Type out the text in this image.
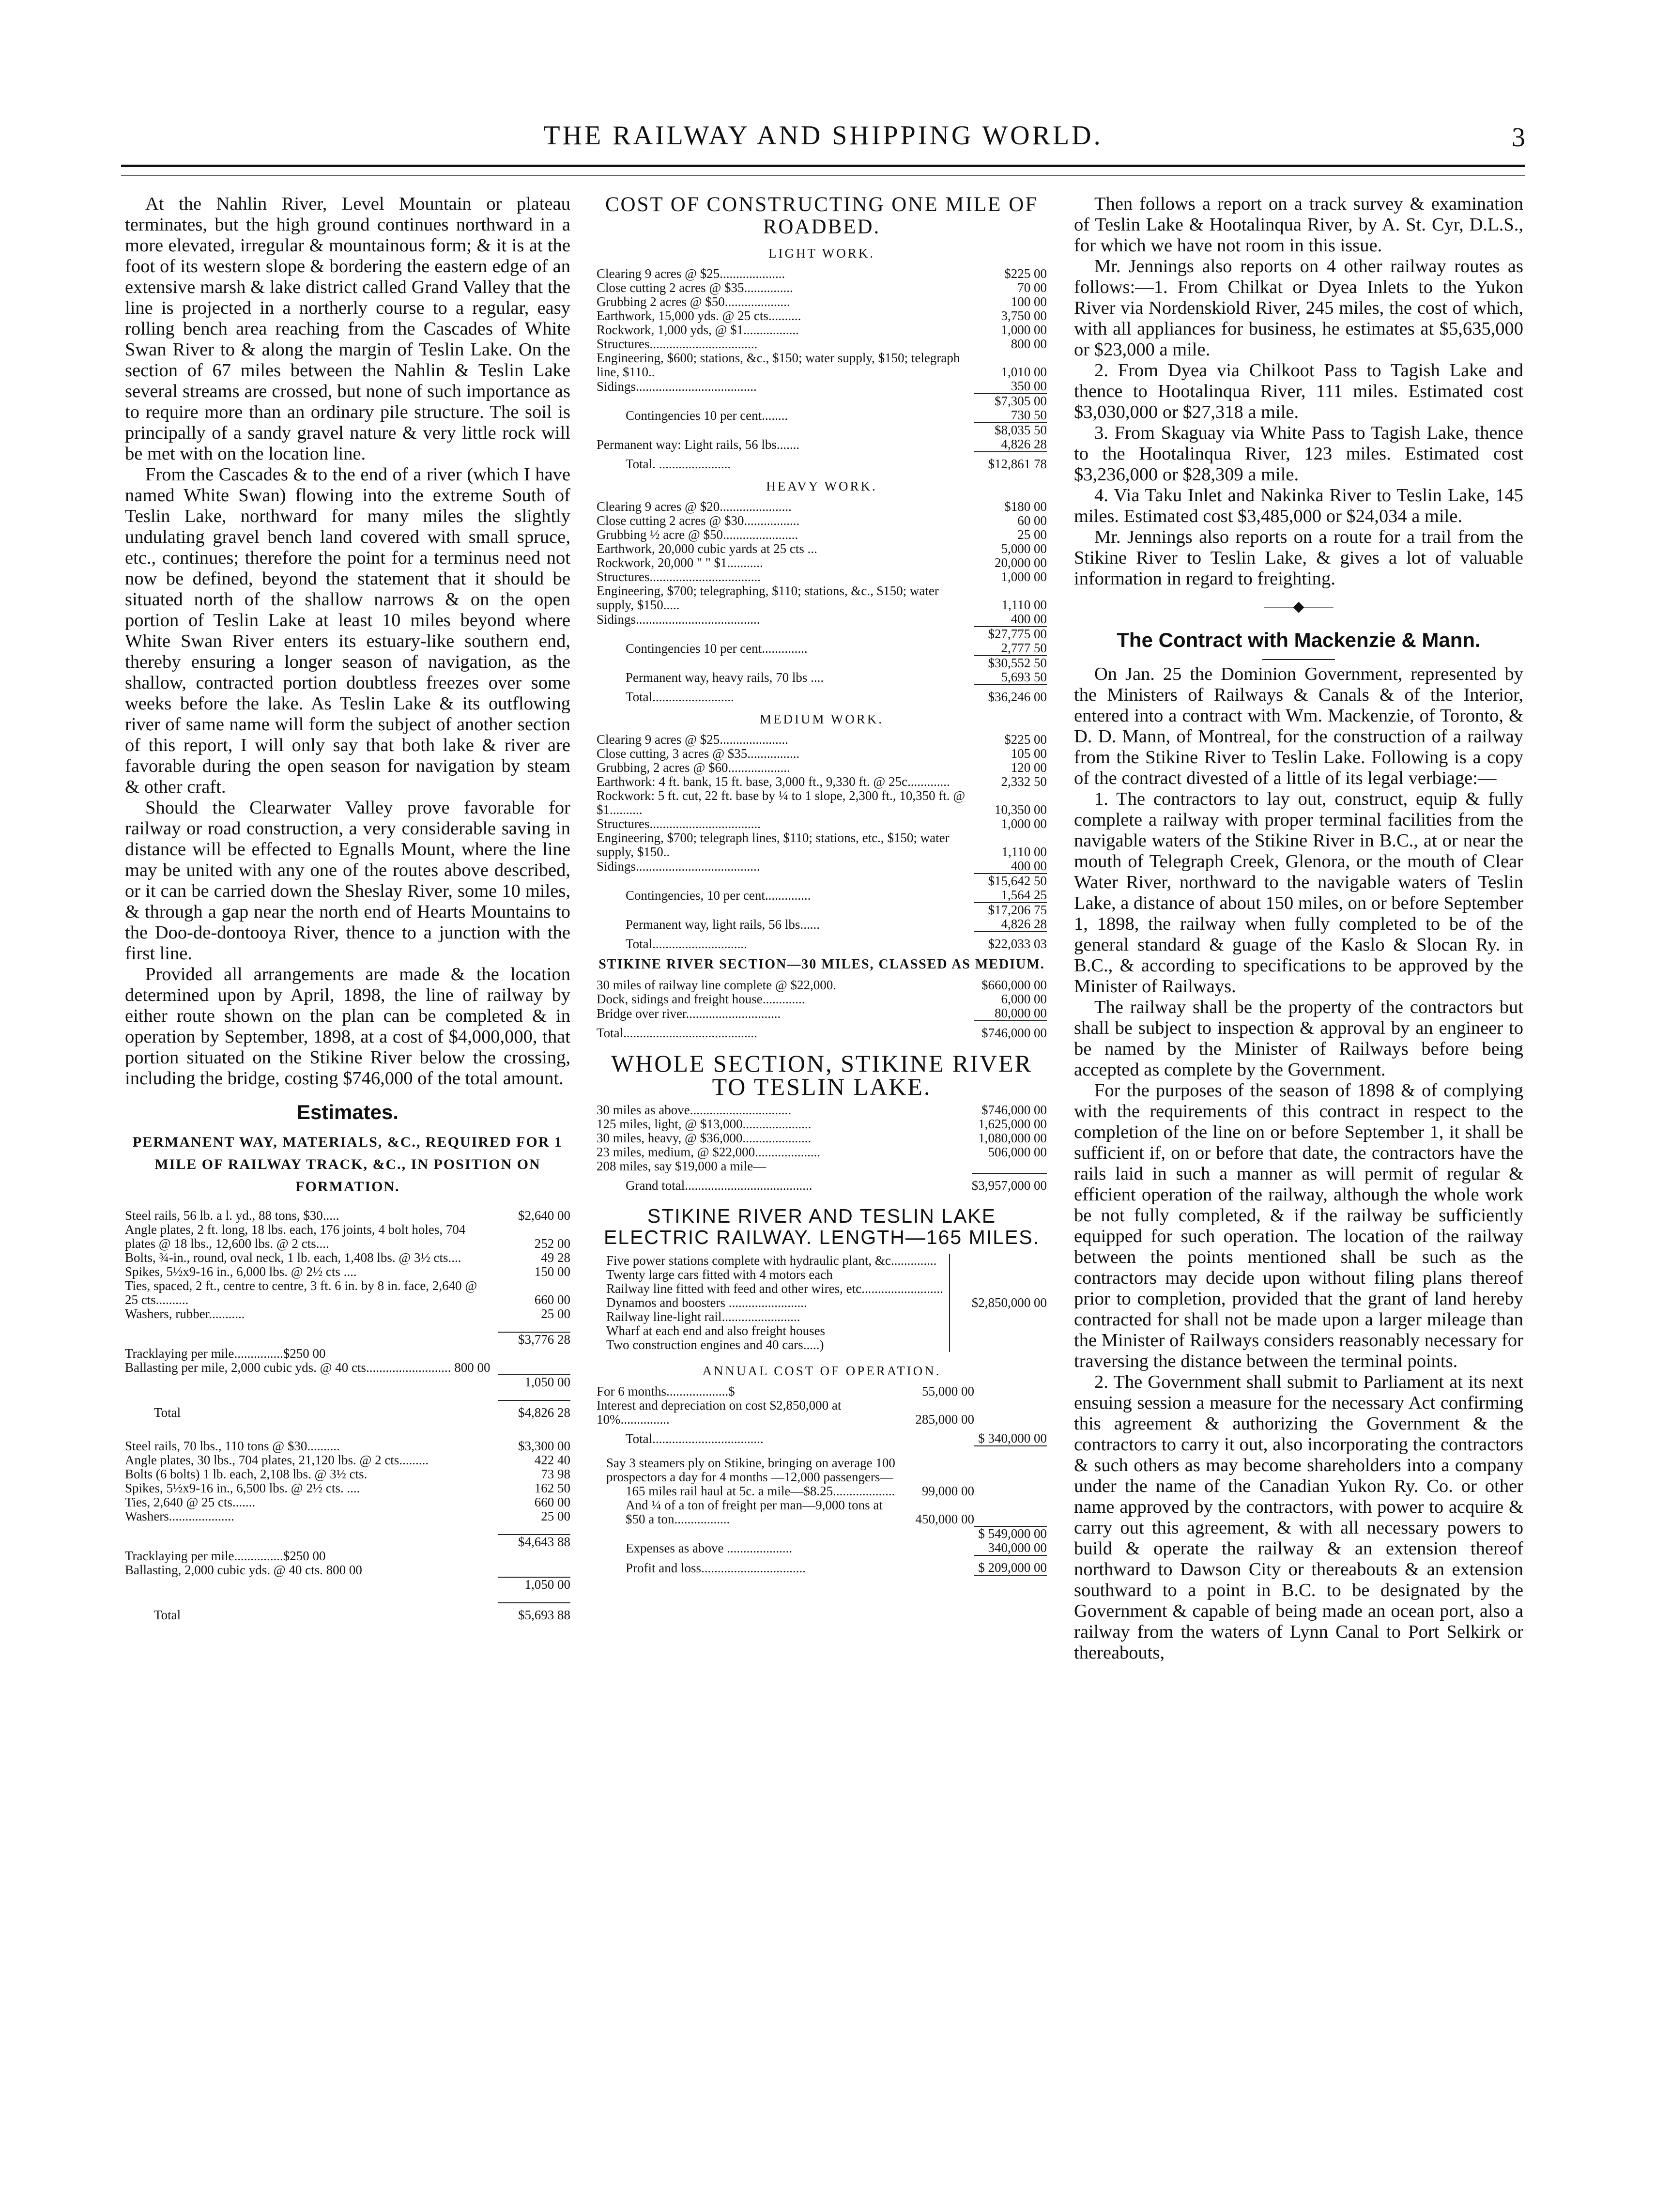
THE RAILWAY AND SHIPPING WORLD.	3

At the Nahlin River, Level Mountain or plateau terminates, but the high ground continues northward in a more elevated, irregular & mountainous form; & it is at the foot of its western slope & bordering the eastern edge of an extensive marsh & lake district called Grand Valley that the line is projected in a northerly course to a regular, easy rolling bench area reaching from the Cascades of White Swan River to & along the margin of Teslin Lake. On the section of 67 miles between the Nahlin & Teslin Lake several streams are crossed, but none of such importance as to require more than an ordinary pile structure. The soil is principally of a sandy gravel nature & very little rock will be met with on the location line.

From the Cascades & to the end of a river (which I have named White Swan) flowing into the extreme South of Teslin Lake, northward for many miles the slightly undulating gravel bench land covered with small spruce, etc., continues; therefore the point for a terminus need not now be defined, beyond the statement that it should be situated north of the shallow narrows & on the open portion of Teslin Lake at least 10 miles beyond where White Swan River enters its estuary-like southern end, thereby ensuring a longer season of navigation, as the shallow, contracted portion doubtless freezes over some weeks before the lake. As Teslin Lake & its outflowing river of same name will form the subject of another section of this report, I will only say that both lake & river are favorable during the open season for navigation by steam & other craft.

Should the Clearwater Valley prove favorable for railway or road construction, a very considerable saving in distance will be effected to Egnalls Mount, where the line may be united with any one of the routes above described, or it can be carried down the Sheslay River, some 10 miles, & through a gap near the north end of Hearts Mountains to the Doo-de-dontooya River, thence to a junction with the first line.

Provided all arrangements are made & the location determined upon by April, 1898, the line of railway by either route shown on the plan can be completed & in operation by September, 1898, at a cost of $4,000,000, that portion situated on the Stikine River below the crossing, including the bridge, costing $746,000 of the total amount.

Estimates.
PERMANENT WAY, MATERIALS, &C., REQUIRED FOR 1 MILE OF RAILWAY TRACK, &C., IN POSITION ON FORMATION.
Steel rails, 56 lb. a l. yd., 88 tons, $30.....	$2,640 00
Angle plates, 2 ft. long, 18 lbs. each, 176 joints, 4 bolt holes, 704 plates @ 18 lbs., 12,600 lbs. @ 2 cts....	252 00
Bolts, ¾-in., round, oval neck, 1 lb. each, 1,408 lbs. @ 3½ cts....	49 28
Spikes, 5½x9-16 in., 6,000 lbs. @ 2½ cts ....	150 00
Ties, spaced, 2 ft., centre to centre, 3 ft. 6 in. by 8 in. face, 2,640 @ 25 cts..........	660 00
Washers, rubber...........	25 00

	$3,776 28
Tracklaying per mile...............$250 00	
Ballasting per mile, 2,000 cubic yds. @ 40 cts.......................... 800 00	
	1,050 00

Total	$4,826 28
Steel rails, 70 lbs., 110 tons @ $30..........	$3,300 00
Angle plates, 30 lbs., 704 plates, 21,120 lbs. @ 2 cts.........	422 40
Bolts (6 bolts) 1 lb. each, 2,108 lbs. @ 3½ cts.	73 98
Spikes, 5½x9-16 in., 6,500 lbs. @ 2½ cts. ....	162 50
Ties, 2,640 @ 25 cts.......	660 00
Washers....................	25 00

	$4,643 88
Tracklaying per mile...............$250 00	
Ballasting, 2,000 cubic yds. @ 40 cts. 800 00	
	1,050 00

Total	$5,693 88
COST OF CONSTRUCTING ONE MILE OF ROADBED.
LIGHT WORK.
Clearing 9 acres @ $25....................	$225 00
Close cutting 2 acres @ $35...............	70 00
Grubbing 2 acres @ $50....................	100 00
Earthwork, 15,000 yds. @ 25 cts..........	3,750 00
Rockwork, 1,000 yds, @ $1.................	1,000 00
Structures.................................	800 00
Engineering, $600; stations, &c., $150; water supply, $150; telegraph line, $110..	1,010 00
Sidings.....................................	350 00
	$7,305 00
Contingencies 10 per cent........	730 50
	$8,035 50
Permanent way: Light rails, 56 lbs.......	4,826 28
Total. ......................	$12,861 78
HEAVY WORK.
Clearing 9 acres @ $20......................	$180 00
Close cutting 2 acres @ $30.................	60 00
Grubbing ½ acre @ $50.......................	25 00
Earthwork, 20,000 cubic yards at 25 cts ...	5,000 00
Rockwork, 20,000 " " $1...........	20,000 00
Structures..................................	1,000 00
Engineering, $700; telegraphing, $110; stations, &c., $150; water supply, $150.....	1,110 00
Sidings......................................	400 00
	$27,775 00
Contingencies 10 per cent..............	2,777 50
	$30,552 50
Permanent way, heavy rails, 70 lbs ....	5,693 50
Total.........................	$36,246 00
MEDIUM WORK.
Clearing 9 acres @ $25.....................	$225 00
Close cutting, 3 acres @ $35................	105 00
Grubbing, 2 acres @ $60...................	120 00
Earthwork: 4 ft. bank, 15 ft. base, 3,000 ft., 9,330 ft. @ 25c.............	2,332 50
Rockwork: 5 ft. cut, 22 ft. base by ¼ to 1 slope, 2,300 ft., 10,350 ft. @ $1..........	10,350 00
Structures..................................	1,000 00
Engineering, $700; telegraph lines, $110; stations, etc., $150; water supply, $150..	1,110 00
Sidings......................................	400 00
	$15,642 50
Contingencies, 10 per cent..............	1,564 25
	$17,206 75
Permanent way, light rails, 56 lbs......	4,826 28
Total.............................	$22,033 03
STIKINE RIVER SECTION—30 MILES, CLASSED AS MEDIUM.
30 miles of railway line complete @ $22,000.	$660,000 00
Dock, sidings and freight house.............	6,000 00
Bridge over river.............................	80,000 00
Total.........................................	$746,000 00
WHOLE SECTION, STIKINE RIVER TO TESLIN LAKE.
30 miles as above...............................	$746,000 00
125 miles, light, @ $13,000.....................	1,625,000 00
30 miles, heavy, @ $36,000.....................	1,080,000 00
23 miles, medium, @ $22,000....................	506,000 00
208 miles, say $19,000 a mile—	
Grand total.......................................	$3,957,000 00
STIKINE RIVER AND TESLIN LAKE ELECTRIC RAILWAY. LENGTH—165 MILES.
Five power stations complete with hydraulic plant, &c..............
Twenty large cars fitted with 4 motors each
Railway line fitted with feed and other wires, etc.........................
Dynamos and boosters ........................
Railway line-light rail........................
Wharf at each end and also freight houses
Two construction engines and 40 cars.....)
	$2,850,000 00
ANNUAL COST OF OPERATION.
For 6 months...................$	55,000 00	
Interest and depreciation on cost $2,850,000 at 10%...............	285,000 00	
Total..................................		$ 340,000 00
Say 3 steamers ply on Stikine, bringing on average 100 prospectors a day for 4 months —12,000 passengers—		
165 miles rail haul at 5c. a mile—$8.25...................	99,000 00	
And ¼ of a ton of freight per man—9,000 tons at $50 a ton.................	450,000 00	
		$ 549,000 00
Expenses as above ....................		340,000 00
Profit and loss................................		$ 209,000 00

Then follows a report on a track survey & examination of Teslin Lake & Hootalinqua River, by A. St. Cyr, D.L.S., for which we have not room in this issue.

Mr. Jennings also reports on 4 other railway routes as follows:—1. From Chilkat or Dyea Inlets to the Yukon River via Nordenskiold River, 245 miles, the cost of which, with all appliances for business, he estimates at $5,635,000 or $23,000 a mile.

2. From Dyea via Chilkoot Pass to Tagish Lake and thence to Hootalinqua River, 111 miles. Estimated cost $3,030,000 or $27,318 a mile.

3. From Skaguay via White Pass to Tagish Lake, thence to the Hootalinqua River, 123 miles. Estimated cost $3,236,000 or $28,309 a mile.

4. Via Taku Inlet and Nakinka River to Teslin Lake, 145 miles. Estimated cost $3,485,000 or $24,034 a mile.

Mr. Jennings also reports on a route for a trail from the Stikine River to Teslin Lake, & gives a lot of valuable information in regard to freighting.

——◆——
The Contract with Mackenzie & Mann.

On Jan. 25 the Dominion Government, represented by the Ministers of Railways & Canals & of the Interior, entered into a contract with Wm. Mackenzie, of Toronto, & D. D. Mann, of Montreal, for the construction of a railway from the Stikine River to Teslin Lake. Following is a copy of the contract divested of a little of its legal verbiage:—

1. The contractors to lay out, construct, equip & fully complete a railway with proper terminal facilities from the navigable waters of the Stikine River in B.C., at or near the mouth of Telegraph Creek, Glenora, or the mouth of Clear Water River, northward to the navigable waters of Teslin Lake, a distance of about 150 miles, on or before September 1, 1898, the railway when fully completed to be of the general standard & guage of the Kaslo & Slocan Ry. in B.C., & according to specifications to be approved by the Minister of Railways.

The railway shall be the property of the contractors but shall be subject to inspection & approval by an engineer to be named by the Minister of Railways before being accepted as complete by the Government.

For the purposes of the season of 1898 & of complying with the requirements of this contract in respect to the completion of the line on or before September 1, it shall be sufficient if, on or before that date, the contractors have the rails laid in such a manner as will permit of regular & efficient operation of the railway, although the whole work be not fully completed, & if the railway be sufficiently equipped for such operation. The location of the railway between the points mentioned shall be such as the contractors may decide upon without filing plans thereof prior to completion, provided that the grant of land hereby contracted for shall not be made upon a larger mileage than the Minister of Railways considers reasonably necessary for traversing the distance between the terminal points.

2. The Government shall submit to Parliament at its next ensuing session a measure for the necessary Act confirming this agreement & authorizing the Government & the contractors to carry it out, also incorporating the contractors & such others as may become shareholders into a company under the name of the Canadian Yukon Ry. Co. or other name approved by the contractors, with power to acquire & carry out this agreement, & with all necessary powers to build & operate the railway & an extension thereof northward to Dawson City or thereabouts & an extension southward to a point in B.C. to be designated by the Government & capable of being made an ocean port, also a railway from the waters of Lynn Canal to Port Selkirk or thereabouts,
